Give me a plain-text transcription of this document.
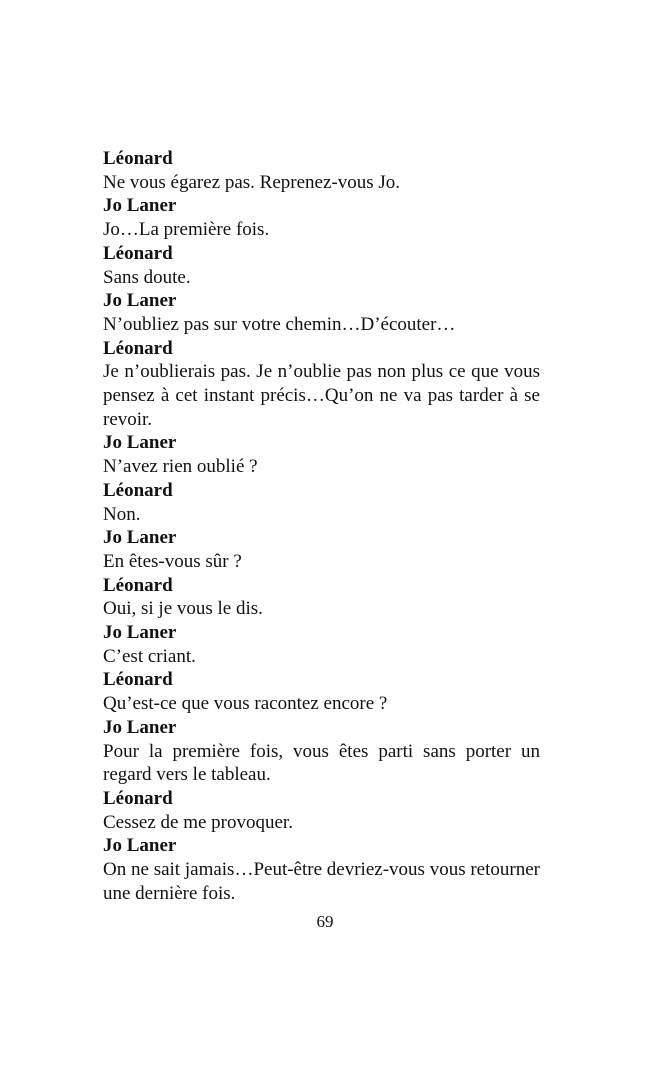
Léonard

Ne vous égarez pas. Reprenez-vous Jo.

Jo Laner

Jo…La première fois.

Léonard

Sans doute.

Jo Laner

N’oubliez pas sur votre chemin…D’écouter…

Léonard

Je n’oublierais pas. Je n’oublie pas non plus ce que vous pensez à cet instant précis…Qu’on ne va pas tarder à se revoir.

Jo Laner

N’avez rien oublié ?

Léonard

Non.

Jo Laner

En êtes-vous sûr ?

Léonard

Oui, si je vous le dis.

Jo Laner

C’est criant.

Léonard

Qu’est-ce que vous racontez encore ?

Jo Laner

Pour la première fois, vous êtes parti sans porter un regard vers le tableau.

Léonard

Cessez de me provoquer.

Jo Laner

On ne sait jamais…Peut-être devriez-vous vous retourner une dernière fois.

69
